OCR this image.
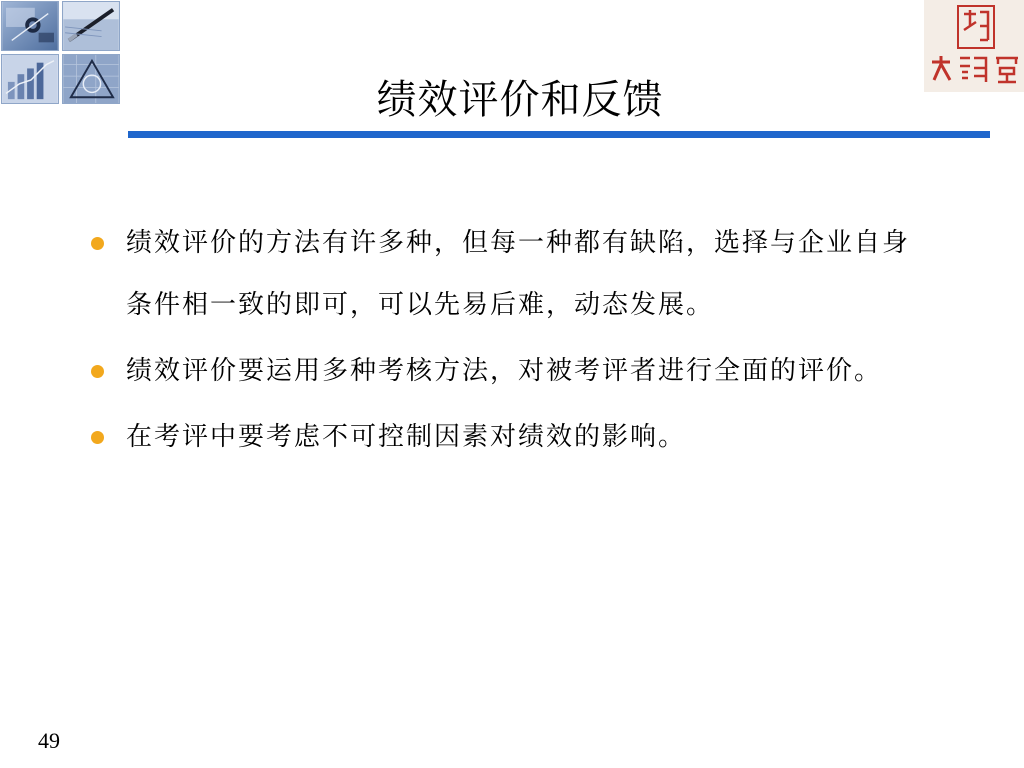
绩效评价和反馈
绩效评价的方法有许多种，但每一种都有缺陷，选择与企业自身条件相一致的即可，可以先易后难，动态发展。
绩效评价要运用多种考核方法，对被考评者进行全面的评价。
在考评中要考虑不可控制因素对绩效的影响。
49
